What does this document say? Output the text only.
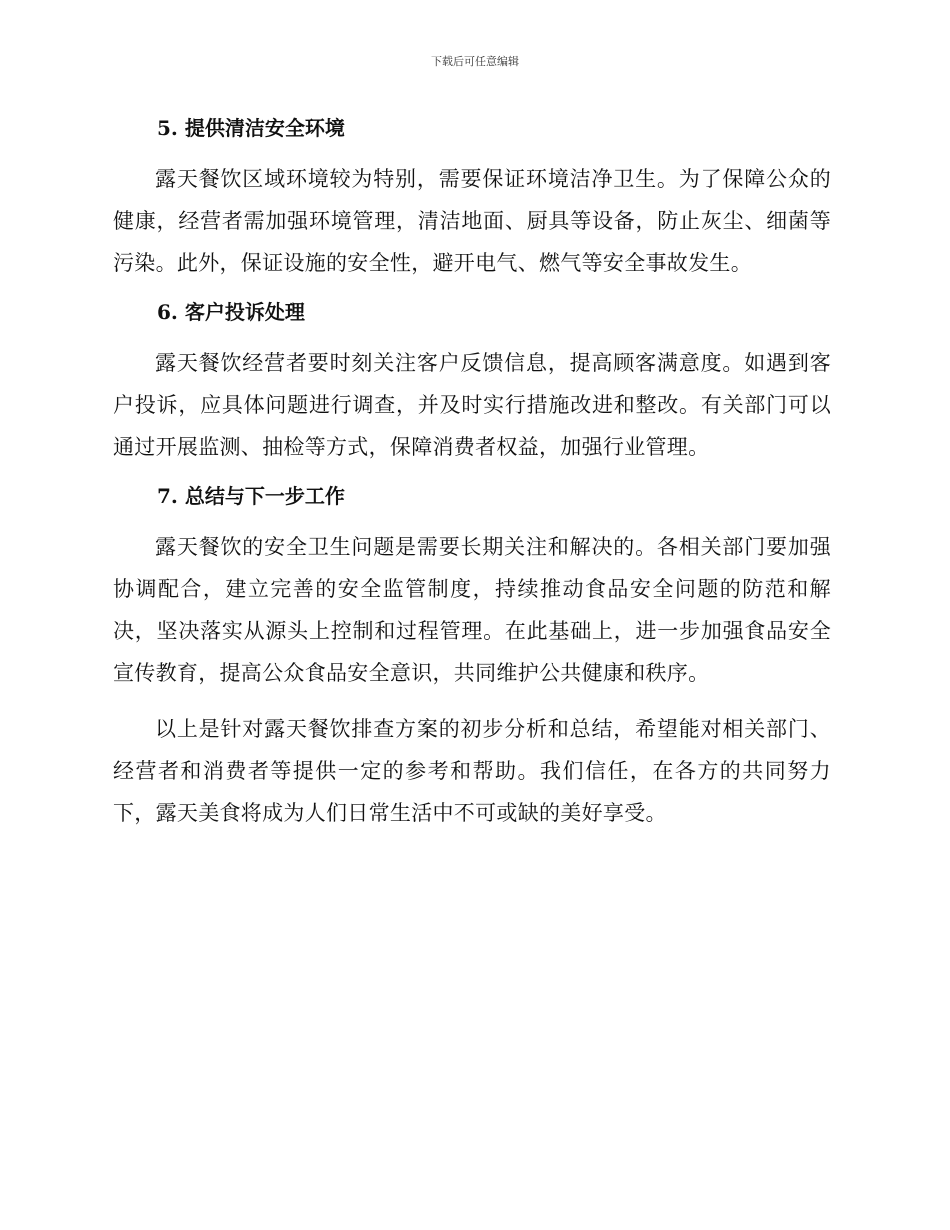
下载后可任意编辑
5. 提供清洁安全环境

露天餐饮区域环境较为特别，需要保证环境洁净卫生。为了保障公众的健康，经营者需加强环境管理，清洁地面、厨具等设备，防止灰尘、细菌等污染。此外，保证设施的安全性，避开电气、燃气等安全事故发生。

6. 客户投诉处理

露天餐饮经营者要时刻关注客户反馈信息，提高顾客满意度。如遇到客户投诉，应具体问题进行调查，并及时实行措施改进和整改。有关部门可以通过开展监测、抽检等方式，保障消费者权益，加强行业管理。

7. 总结与下一步工作

露天餐饮的安全卫生问题是需要长期关注和解决的。各相关部门要加强协调配合，建立完善的安全监管制度，持续推动食品安全问题的防范和解决，坚决落实从源头上控制和过程管理。在此基础上，进一步加强食品安全宣传教育，提高公众食品安全意识，共同维护公共健康和秩序。

以上是针对露天餐饮排查方案的初步分析和总结，希望能对相关部门、经营者和消费者等提供一定的参考和帮助。我们信任，在各方的共同努力下，露天美食将成为人们日常生活中不可或缺的美好享受。
